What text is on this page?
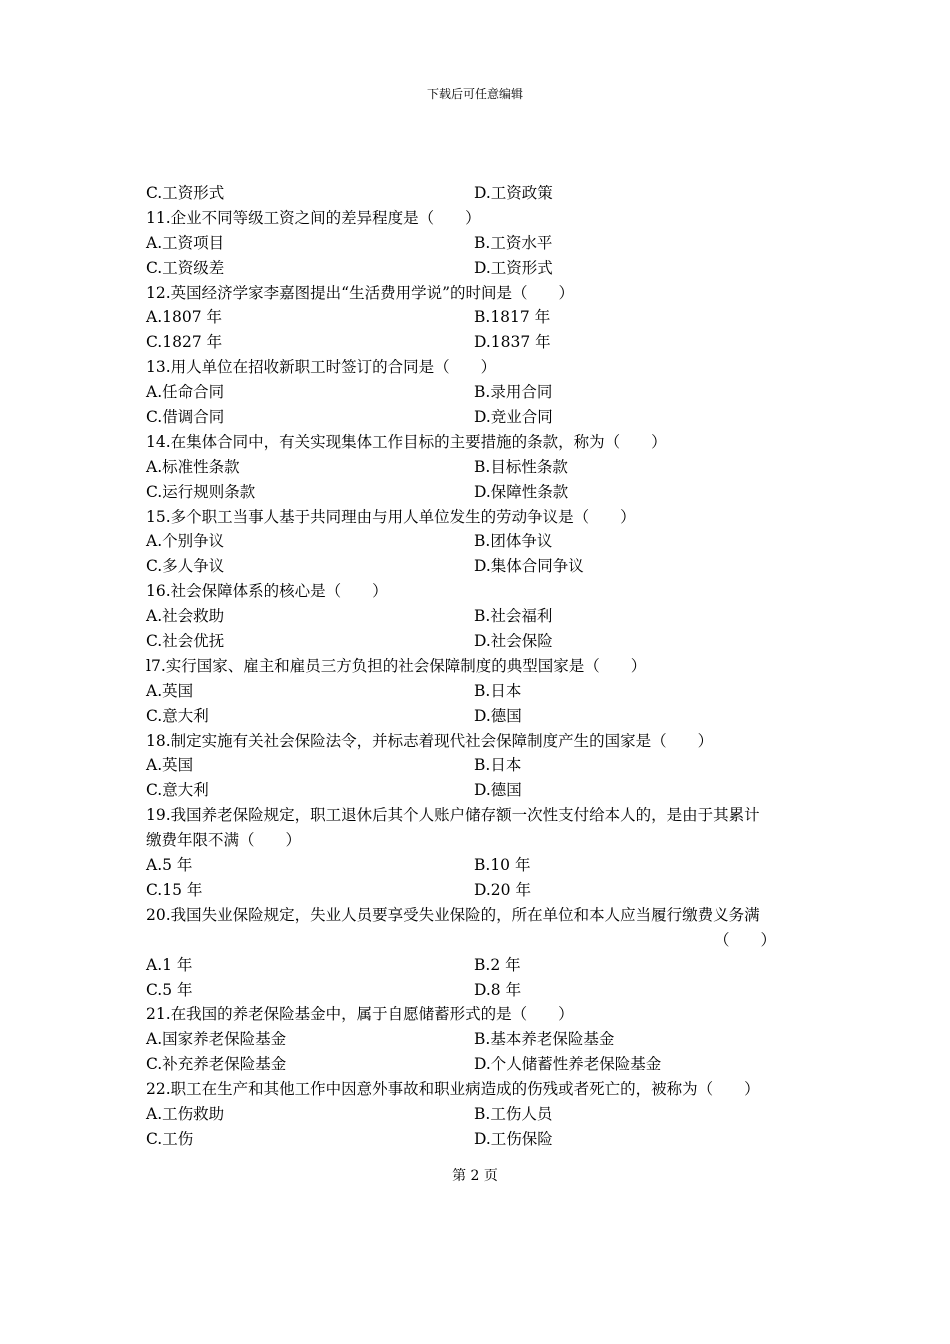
下载后可任意编辑
C.工资形式	D.工资政策
11.企业不同等级工资之间的差异程度是（　　）
A.工资项目	B.工资水平
C.工资级差	D.工资形式
12.英国经济学家李嘉图提出“生活费用学说”的时间是（　　）
A.1807 年	B.1817 年
C.1827 年	D.1837 年
13.用人单位在招收新职工时签订的合同是（　　）
A.任命合同	B.录用合同
C.借调合同	D.竞业合同
14.在集体合同中，有关实现集体工作目标的主要措施的条款，称为（　　）
A.标准性条款	B.目标性条款
C.运行规则条款	D.保障性条款
15.多个职工当事人基于共同理由与用人单位发生的劳动争议是（　　）
A.个别争议	B.团体争议
C.多人争议	D.集体合同争议
16.社会保障体系的核心是（　　）
A.社会救助	B.社会福利
C.社会优抚	D.社会保险
l7.实行国家、雇主和雇员三方负担的社会保障制度的典型国家是（　　）
A.英国	B.日本
C.意大利	D.德国
18.制定实施有关社会保险法令，并标志着现代社会保障制度产生的国家是（　　）
A.英国	B.日本
C.意大利	D.德国
19.我国养老保险规定，职工退休后其个人账户储存额一次性支付给本人的，是由于其累计
缴费年限不满（　　）
A.5 年	B.10 年
C.15 年	D.20 年
20.我国失业保险规定，失业人员要享受失业保险的，所在单位和本人应当履行缴费义务满
（　　）
A.1 年	B.2 年
C.5 年	D.8 年
21.在我国的养老保险基金中，属于自愿储蓄形式的是（　　）
A.国家养老保险基金	B.基本养老保险基金
C.补充养老保险基金	D.个人储蓄性养老保险基金
22.职工在生产和其他工作中因意外事故和职业病造成的伤残或者死亡的，被称为（　　）
A.工伤救助	B.工伤人员
C.工伤	D.工伤保险
第 2 页
